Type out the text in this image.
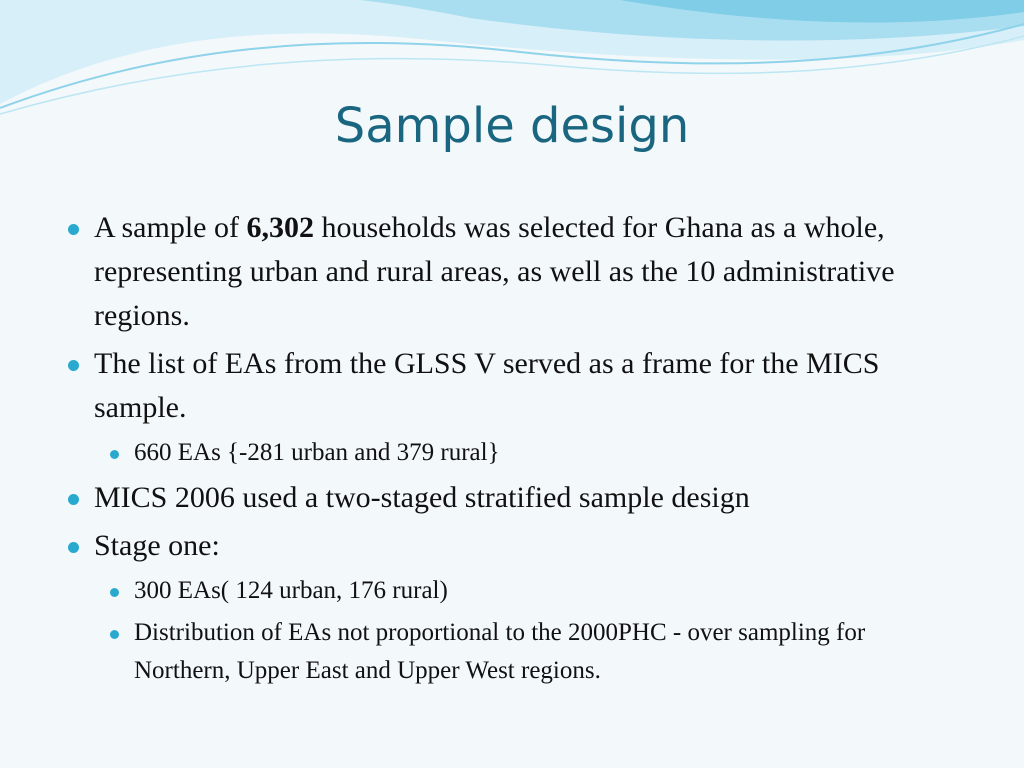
Sample design
A sample of 6,302 households was selected for Ghana as a whole, representing urban and rural areas, as well as the 10 administrative regions.
The list of EAs from the GLSS V served as a frame for the MICS sample.
660 EAs {-281 urban and 379 rural}
MICS 2006 used a two-staged stratified sample design
Stage one:
300 EAs( 124 urban, 176 rural)
Distribution of EAs not proportional to the 2000PHC - over sampling for Northern, Upper East and Upper West regions.
